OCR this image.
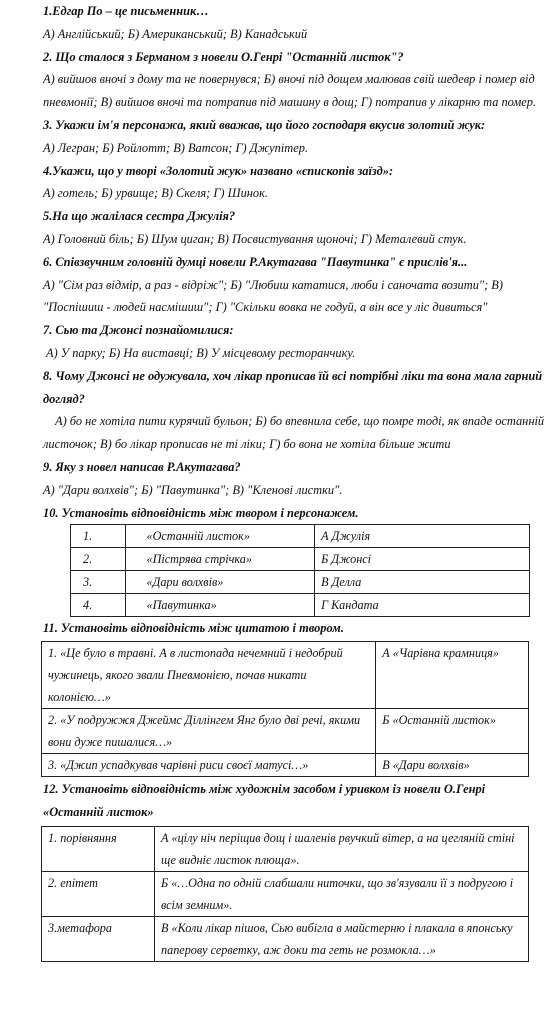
1.Едгар По – це письменник…

А) Англійський; Б) Американський; В) Канадський

2. Що сталося з Берманом з новели О.Генрі "Останній листок"?

А) вийшов вночі з дому та не повернувся; Б) вночі під дощем малював свій шедевр і помер від пневмонії; В) вийшов вночі та потрапив під машину в дощ; Г) потрапив у лікарню та помер.

3. Укажи ім'я персонажа, який вважав, що його господаря вкусив золотий жук:

А) Легран; Б) Ройлотт; В) Ватсон; Г) Джупітер.

4.Укажи, що у творі «Золотий жук» названо «єпископів заїзд»:

А) готель; Б) урвище; В) Скеля; Г) Шинок.

5.На що жалілася сестра Джулія?

А) Головний біль; Б) Шум циган; В) Посвистування щоночі; Г) Металевий стук.

6. Співзвучним головній думці новели Р.Акутагава "Павутинка" є прислів'я...

А) "Сім раз відмір, а раз - відріж"; Б) "Любиш кататися, люби і саночата возити"; В) "Поспішиш - людей насмішиш"; Г) "Скільки вовка не годуй, а він все у ліс дивиться"

7. Сью та Джонсі познайомилися:

А) У парку; Б) На виставці; В) У місцевому ресторанчику.

8. Чому Джонсі не одужувала, хоч лікар прописав їй всі потрібні ліки та вона мала гарний догляд?

А) бо не хотіла пити курячий бульон; Б) бо впевнила себе, що помре тоді, як впаде останній листочок; В) бо лікар прописав не ті ліки; Г) бо вона не хотіла більше жити

9. Яку з новел написав Р.Акутагава?

А) "Дари волхвів"; Б) "Павутинка"; В) "Кленові листки".

10. Установіть відповідність між твором і персонажем.

1.	«Останній листок»	А Джулія
2.	«Пістрява стрічка»	Б Джонсі
3.	«Дари волхвів»	В Делла
4.	«Павутинка»	Г Кандата

11. Установіть відповідність між цитатою і твором.

1. «Це було в травні. А в листопада нечемний і недобрий чужинець, якого звали Пневмонією, почав никати колонією…»	А «Чарівна крамниця»
2. «У подружжя Джеймс Діллінгем Янг було дві речі, якими вони дуже пишалися…»	Б «Останній листок»
3. «Джип успадкував чарівні риси своєї матусі…»	В «Дари волхвів»

12. Установіть відповідність між художнім засобом і уривком із новели О.Генрі «Останній листок»

1. порівняння	А «цілу ніч періщив дощ і шаленів рвучкий вітер, а на цегляній стіні ще видніє листок плюща».
2. епітет	Б «…Одна по одній слабшали ниточки, що зв'язували її з подругою і всім земним».
3.метафора	В «Коли лікар пішов, Сью вибігла в майстерню і плакала в японську паперову серветку, аж доки та геть не розмокла…»
